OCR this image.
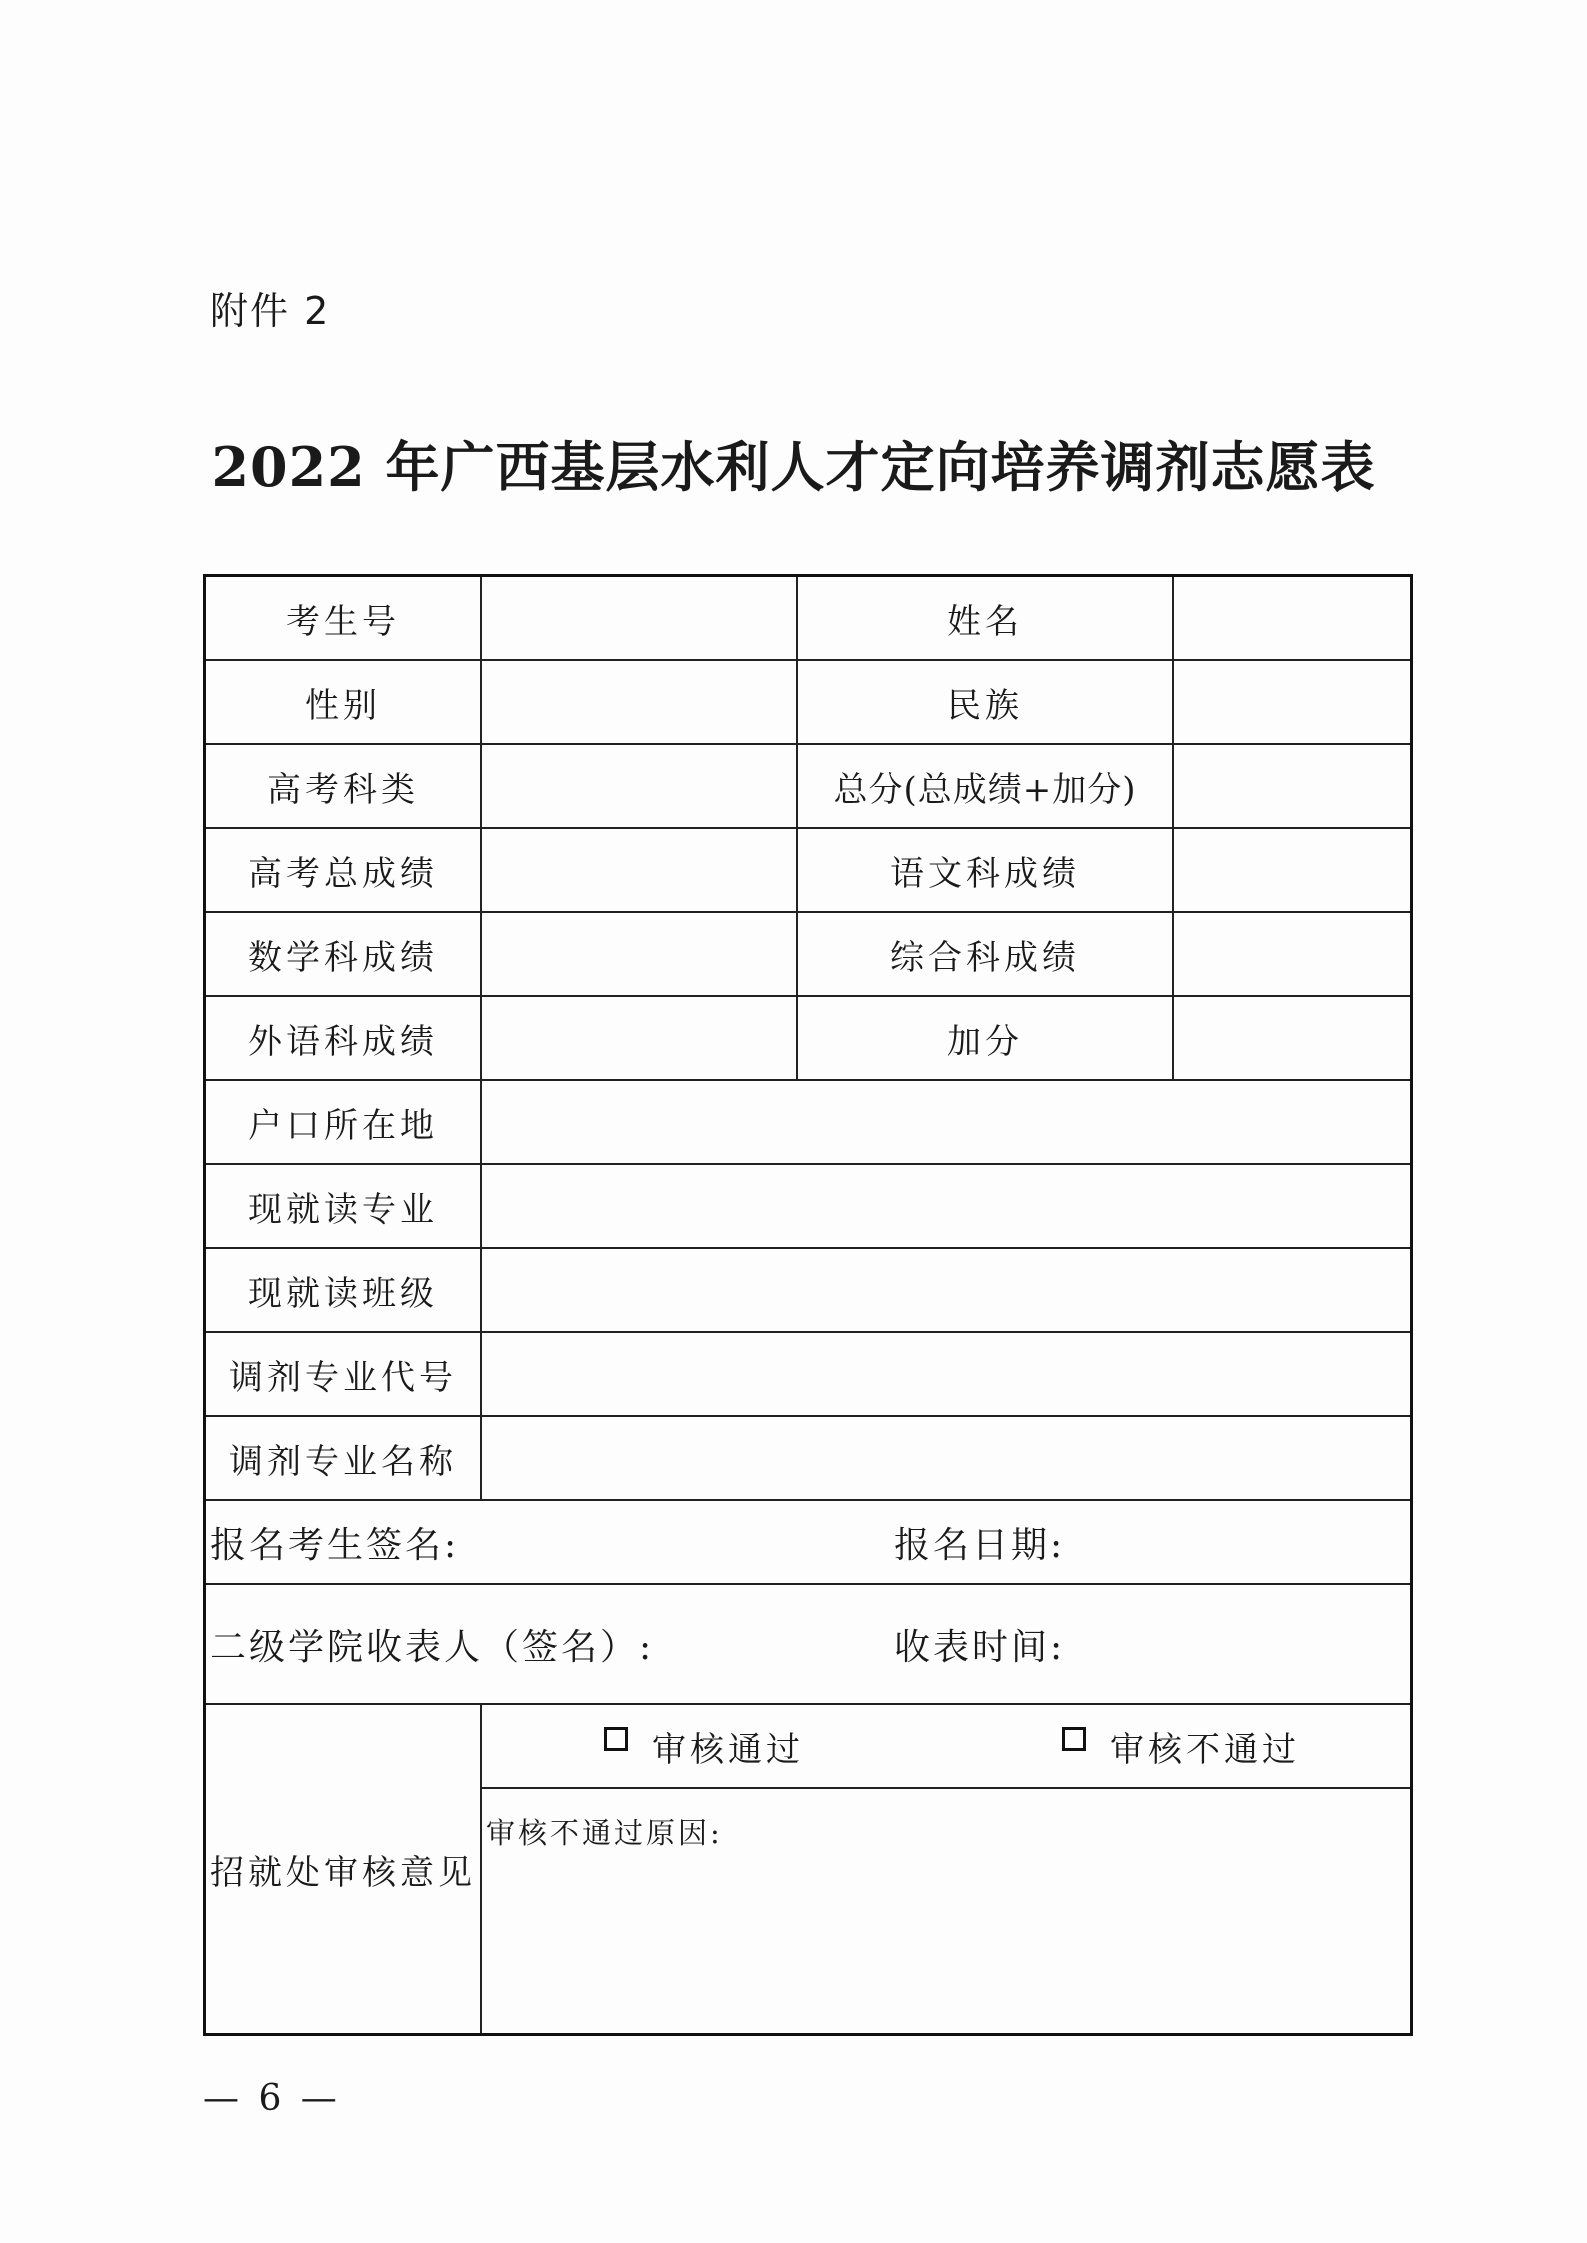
附件 2
2022 年广西基层水利人才定向培养调剂志愿表
考生号	姓名
性别	民族
高考科类	总分(总成绩+加分)
高考总成绩	语文科成绩
数学科成绩	综合科成绩
外语科成绩	加分
户口所在地
现就读专业
现就读班级
调剂专业代号
调剂专业名称
报名考生签名:	报名日期:
二级学院收表人（签名）:	收表时间:
招就处审核意见
审核通过	审核不通过
审核不通过原因:
— 6 —
